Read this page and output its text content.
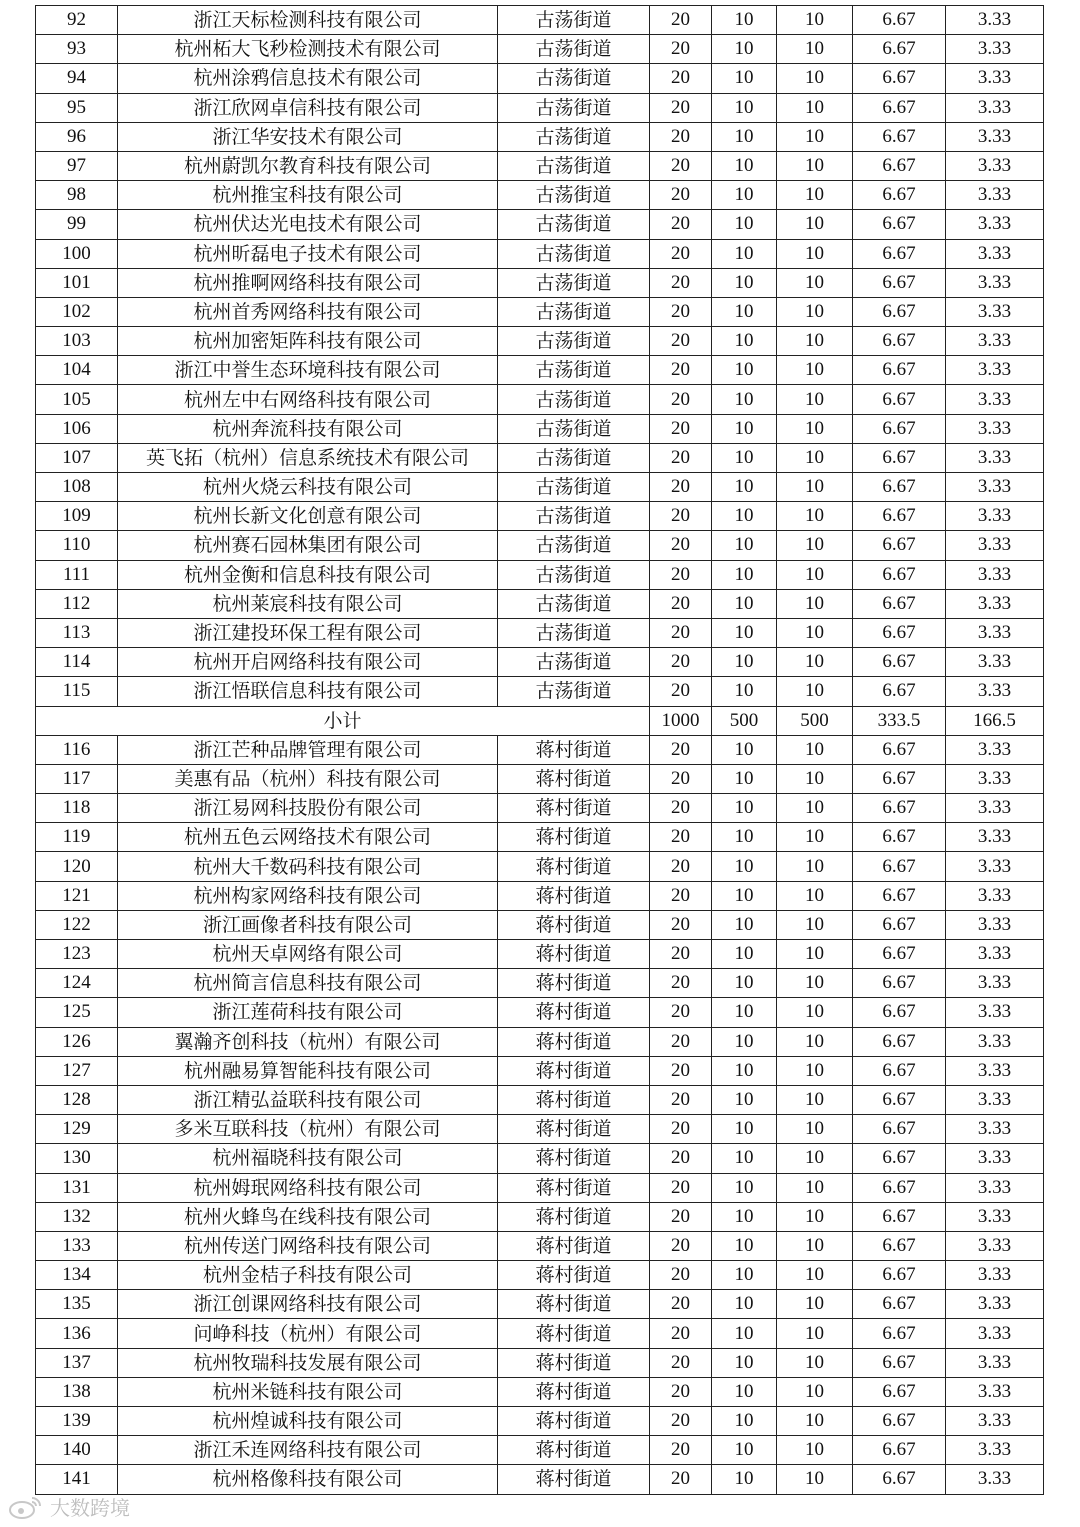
92	浙江天标检测科技有限公司	古荡街道	20	10	10	6.67	3.33
93	杭州柘大飞秒检测技术有限公司	古荡街道	20	10	10	6.67	3.33
94	杭州涂鸦信息技术有限公司	古荡街道	20	10	10	6.67	3.33
95	浙江欣网卓信科技有限公司	古荡街道	20	10	10	6.67	3.33
96	浙江华安技术有限公司	古荡街道	20	10	10	6.67	3.33
97	杭州蔚凯尔教育科技有限公司	古荡街道	20	10	10	6.67	3.33
98	杭州推宝科技有限公司	古荡街道	20	10	10	6.67	3.33
99	杭州伏达光电技术有限公司	古荡街道	20	10	10	6.67	3.33
100	杭州昕磊电子技术有限公司	古荡街道	20	10	10	6.67	3.33
101	杭州推啊网络科技有限公司	古荡街道	20	10	10	6.67	3.33
102	杭州首秀网络科技有限公司	古荡街道	20	10	10	6.67	3.33
103	杭州加密矩阵科技有限公司	古荡街道	20	10	10	6.67	3.33
104	浙江中誉生态环境科技有限公司	古荡街道	20	10	10	6.67	3.33
105	杭州左中右网络科技有限公司	古荡街道	20	10	10	6.67	3.33
106	杭州奔流科技有限公司	古荡街道	20	10	10	6.67	3.33
107	英飞拓（杭州）信息系统技术有限公司	古荡街道	20	10	10	6.67	3.33
108	杭州火烧云科技有限公司	古荡街道	20	10	10	6.67	3.33
109	杭州长新文化创意有限公司	古荡街道	20	10	10	6.67	3.33
110	杭州赛石园林集团有限公司	古荡街道	20	10	10	6.67	3.33
111	杭州金衡和信息科技有限公司	古荡街道	20	10	10	6.67	3.33
112	杭州莱宸科技有限公司	古荡街道	20	10	10	6.67	3.33
113	浙江建投环保工程有限公司	古荡街道	20	10	10	6.67	3.33
114	杭州开启网络科技有限公司	古荡街道	20	10	10	6.67	3.33
115	浙江悟联信息科技有限公司	古荡街道	20	10	10	6.67	3.33
小计			1000	500	500	333.5	166.5
116	浙江芒种品牌管理有限公司	蒋村街道	20	10	10	6.67	3.33
117	美惠有品（杭州）科技有限公司	蒋村街道	20	10	10	6.67	3.33
118	浙江易网科技股份有限公司	蒋村街道	20	10	10	6.67	3.33
119	杭州五色云网络技术有限公司	蒋村街道	20	10	10	6.67	3.33
120	杭州大千数码科技有限公司	蒋村街道	20	10	10	6.67	3.33
121	杭州构家网络科技有限公司	蒋村街道	20	10	10	6.67	3.33
122	浙江画像者科技有限公司	蒋村街道	20	10	10	6.67	3.33
123	杭州天卓网络有限公司	蒋村街道	20	10	10	6.67	3.33
124	杭州简言信息科技有限公司	蒋村街道	20	10	10	6.67	3.33
125	浙江莲荷科技有限公司	蒋村街道	20	10	10	6.67	3.33
126	翼瀚齐创科技（杭州）有限公司	蒋村街道	20	10	10	6.67	3.33
127	杭州融易算智能科技有限公司	蒋村街道	20	10	10	6.67	3.33
128	浙江精弘益联科技有限公司	蒋村街道	20	10	10	6.67	3.33
129	多米互联科技（杭州）有限公司	蒋村街道	20	10	10	6.67	3.33
130	杭州福晓科技有限公司	蒋村街道	20	10	10	6.67	3.33
131	杭州姆珉网络科技有限公司	蒋村街道	20	10	10	6.67	3.33
132	杭州火蜂鸟在线科技有限公司	蒋村街道	20	10	10	6.67	3.33
133	杭州传送门网络科技有限公司	蒋村街道	20	10	10	6.67	3.33
134	杭州金桔子科技有限公司	蒋村街道	20	10	10	6.67	3.33
135	浙江创课网络科技有限公司	蒋村街道	20	10	10	6.67	3.33
136	问峥科技（杭州）有限公司	蒋村街道	20	10	10	6.67	3.33
137	杭州牧瑞科技发展有限公司	蒋村街道	20	10	10	6.67	3.33
138	杭州米链科技有限公司	蒋村街道	20	10	10	6.67	3.33
139	杭州煌诚科技有限公司	蒋村街道	20	10	10	6.67	3.33
140	浙江禾连网络科技有限公司	蒋村街道	20	10	10	6.67	3.33
141	杭州格像科技有限公司	蒋村街道	20	10	10	6.67	3.33
大数跨境
